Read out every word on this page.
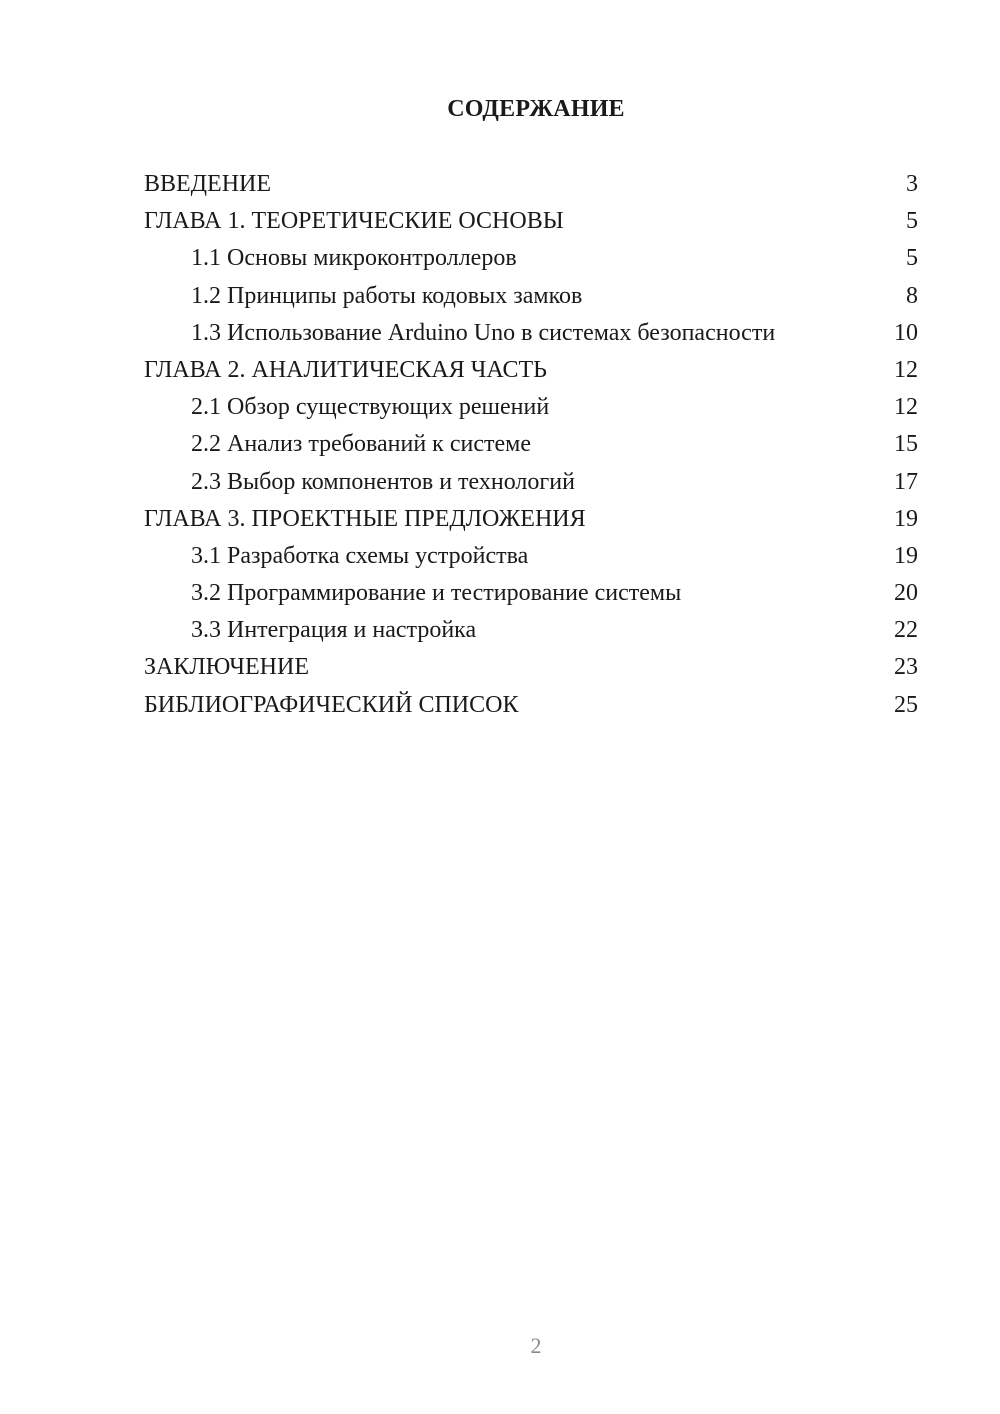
СОДЕРЖАНИЕ
ВВЕДЕНИЕ	3
ГЛАВА 1. ТЕОРЕТИЧЕСКИЕ ОСНОВЫ	5
1.1 Основы микроконтроллеров	5
1.2 Принципы работы кодовых замков	8
1.3 Использование Arduino Uno в системах безопасности	10
ГЛАВА 2. АНАЛИТИЧЕСКАЯ ЧАСТЬ	12
2.1 Обзор существующих решений	12
2.2 Анализ требований к системе	15
2.3 Выбор компонентов и технологий	17
ГЛАВА 3. ПРОЕКТНЫЕ ПРЕДЛОЖЕНИЯ	19
3.1 Разработка схемы устройства	19
3.2 Программирование и тестирование системы	20
3.3 Интеграция и настройка	22
ЗАКЛЮЧЕНИЕ	23
БИБЛИОГРАФИЧЕСКИЙ СПИСОК	25
2
